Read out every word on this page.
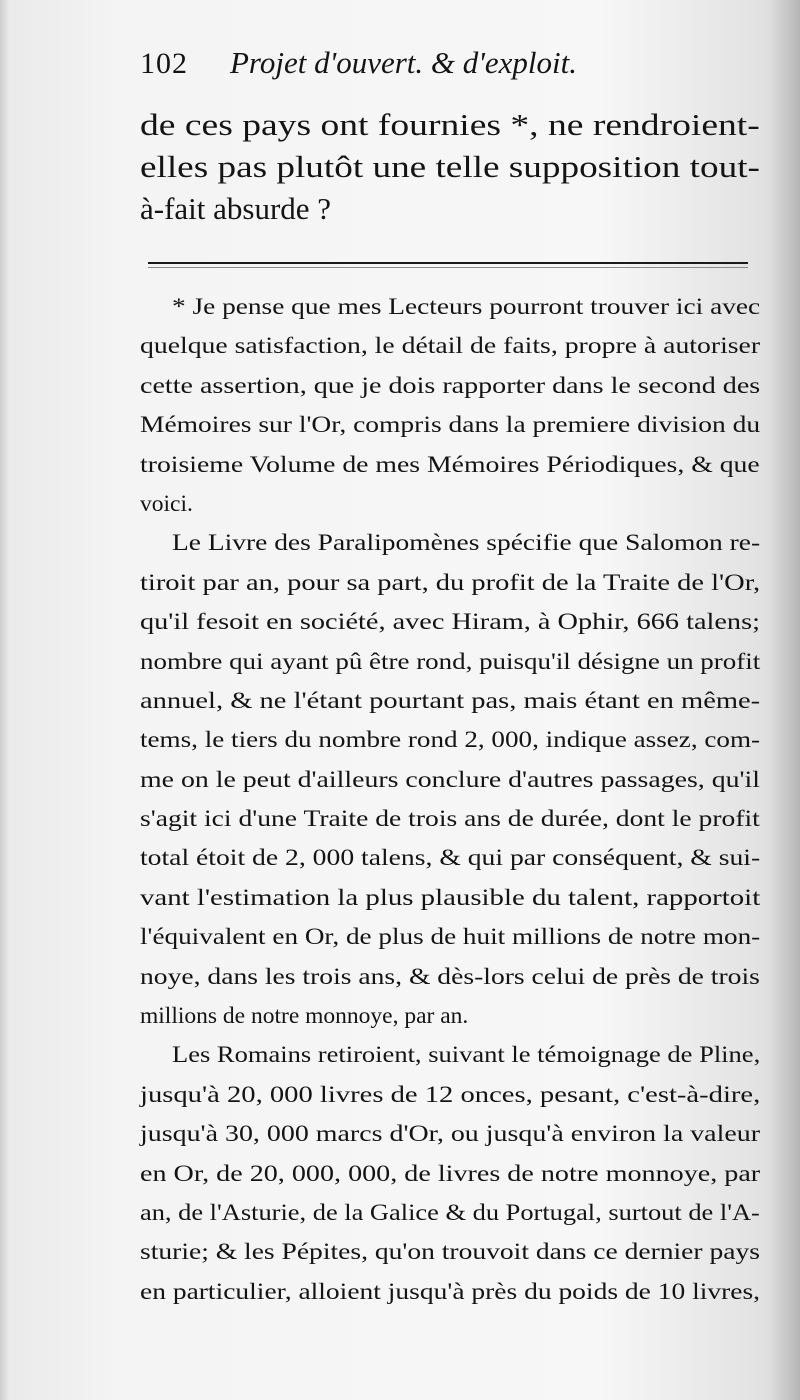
102 Projet d'ouvert. & d'exploit.
de ces pays ont fournies *, ne rendroient-
elles pas plutôt une telle supposition tout-
à-fait absurde ?
* Je pense que mes Lecteurs pourront trouver ici avec
quelque satisfaction, le détail de faits, propre à autoriser
cette assertion, que je dois rapporter dans le second des
Mémoires sur l'Or, compris dans la premiere division du
troisieme Volume de mes Mémoires Périodiques, & que
voici.
Le Livre des Paralipomènes spécifie que Salomon re-
tiroit par an, pour sa part, du profit de la Traite de l'Or,
qu'il fesoit en société, avec Hiram, à Ophir, 666 talens;
nombre qui ayant pû être rond, puisqu'il désigne un profit
annuel, & ne l'étant pourtant pas, mais étant en même-
tems, le tiers du nombre rond 2, 000, indique assez, com-
me on le peut d'ailleurs conclure d'autres passages, qu'il
s'agit ici d'une Traite de trois ans de durée, dont le profit
total étoit de 2, 000 talens, & qui par conséquent, & sui-
vant l'estimation la plus plausible du talent, rapportoit
l'équivalent en Or, de plus de huit millions de notre mon-
noye, dans les trois ans, & dès-lors celui de près de trois
millions de notre monnoye, par an.
Les Romains retiroient, suivant le témoignage de Pline,
jusqu'à 20, 000 livres de 12 onces, pesant, c'est-à-dire,
jusqu'à 30, 000 marcs d'Or, ou jusqu'à environ la valeur
en Or, de 20, 000, 000, de livres de notre monnoye, par
an, de l'Asturie, de la Galice & du Portugal, surtout de l'A-
sturie; & les Pépites, qu'on trouvoit dans ce dernier pays
en particulier, alloient jusqu'à près du poids de 10 livres,
